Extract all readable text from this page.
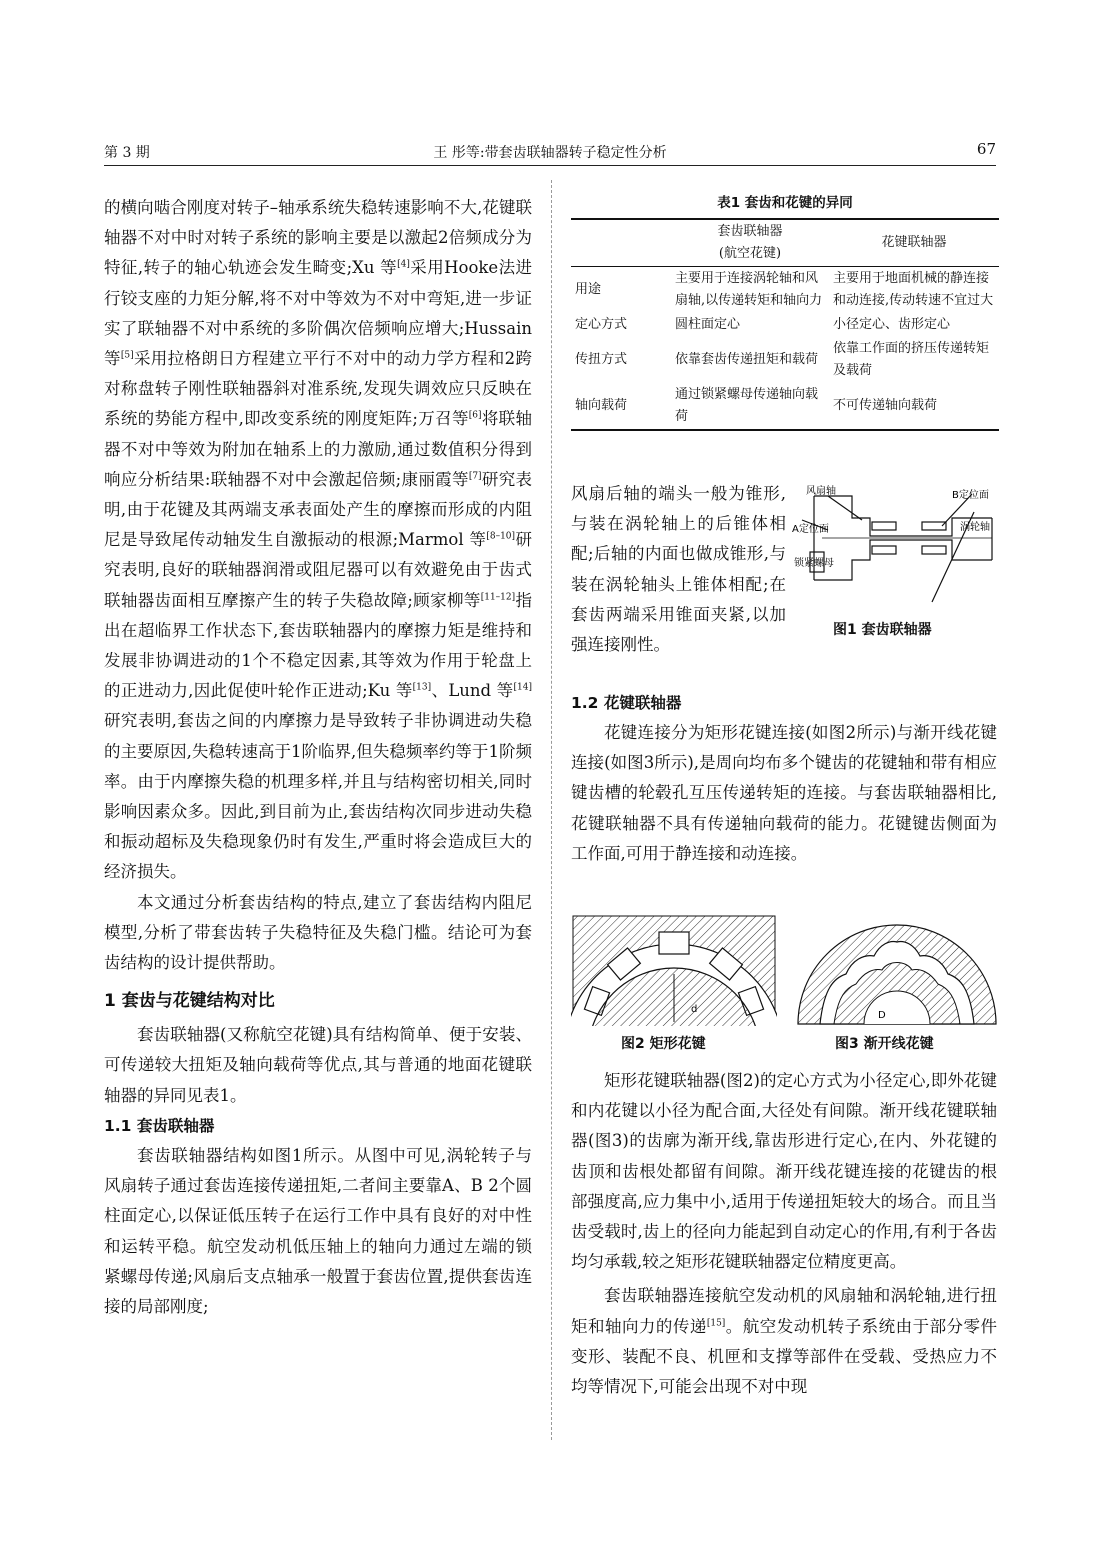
第 3 期	王 彤等:带套齿联轴器转子稳定性分析	67

的横向啮合刚度对转子–轴承系统失稳转速影响不大,花键联轴器不对中时对转子系统的影响主要是以激起2倍频成分为特征,转子的轴心轨迹会发生畸变;Xu 等[4]采用Hooke法进行铰支座的力矩分解,将不对中等效为不对中弯矩,进一步证实了联轴器不对中系统的多阶偶次倍频响应增大;Hussain 等[5]采用拉格朗日方程建立平行不对中的动力学方程和2跨对称盘转子刚性联轴器斜对准系统,发现失调效应只反映在系统的势能方程中,即改变系统的刚度矩阵;万召等[6]将联轴器不对中等效为附加在轴系上的力激励,通过数值积分得到响应分析结果:联轴器不对中会激起倍频;康丽霞等[7]研究表明,由于花键及其两端支承表面处产生的摩擦而形成的内阻尼是导致尾传动轴发生自激振动的根源;Marmol 等[8–10]研究表明,良好的联轴器润滑或阻尼器可以有效避免由于齿式联轴器齿面相互摩擦产生的转子失稳故障;顾家柳等[11–12]指出在超临界工作状态下,套齿联轴器内的摩擦力矩是维持和发展非协调进动的1个不稳定因素,其等效为作用于轮盘上的正进动力,因此促使叶轮作正进动;Ku 等[13]、Lund 等[14]研究表明,套齿之间的内摩擦力是导致转子非协调进动失稳的主要原因,失稳转速高于1阶临界,但失稳频率约等于1阶频率。由于内摩擦失稳的机理多样,并且与结构密切相关,同时影响因素众多。因此,到目前为止,套齿结构次同步进动失稳和振动超标及失稳现象仍时有发生,严重时将会造成巨大的经济损失。

本文通过分析套齿结构的特点,建立了套齿结构内阻尼模型,分析了带套齿转子失稳特征及失稳门槛。结论可为套齿结构的设计提供帮助。

1 套齿与花键结构对比

套齿联轴器(又称航空花键)具有结构简单、便于安装、可传递较大扭矩及轴向载荷等优点,其与普通的地面花键联轴器的异同见表1。

1.1 套齿联轴器

套齿联轴器结构如图1所示。从图中可见,涡轮转子与风扇转子通过套齿连接传递扭矩,二者间主要靠A、B 2个圆柱面定心,以保证低压转子在运行工作中具有良好的对中性和运转平稳。航空发动机低压轴上的轴向力通过左端的锁紧螺母传递;风扇后支点轴承一般置于套齿位置,提供套齿连接的局部刚度;

表1 套齿和花键的异同
	套齿联轴器
(航空花键)	花键联轴器
用途	主要用于连接涡轮轴和风扇轴,以传递转矩和轴向力	主要用于地面机械的静连接和动连接,传动转速不宜过大
定心方式	圆柱面定心	小径定心、齿形定心
传扭方式	依靠套齿传递扭矩和载荷	依靠工作面的挤压传递转矩及载荷
轴向载荷	通过锁紧螺母传递轴向载荷	不可传递轴向载荷

风扇后轴的端头一般为锥形,与装在涡轮轴上的后锥体相配;后轴的内面也做成锥形,与装在涡轮轴头上锥体相配;在套齿两端采用锥面夹紧,以加强连接刚性。

风扇轴	B定位面
A定位面	涡轮轴
锁紧螺母
图1 套齿联轴器
1.2 花键联轴器

花键连接分为矩形花键连接(如图2所示)与渐开线花键连接(如图3所示),是周向均布多个键齿的花键轴和带有相应键齿槽的轮毂孔互压传递转矩的连接。与套齿联轴器相比,花键联轴器不具有传递轴向载荷的能力。花键键齿侧面为工作面,可用于静连接和动连接。

d
图2 矩形花键
D
图3 渐开线花键

矩形花键联轴器(图2)的定心方式为小径定心,即外花键和内花键以小径为配合面,大径处有间隙。渐开线花键联轴器(图3)的齿廓为渐开线,靠齿形进行定心,在内、外花键的齿顶和齿根处都留有间隙。渐开线花键连接的花键齿的根部强度高,应力集中小,适用于传递扭矩较大的场合。而且当齿受载时,齿上的径向力能起到自动定心的作用,有利于各齿均匀承载,较之矩形花键联轴器定位精度更高。

套齿联轴器连接航空发动机的风扇轴和涡轮轴,进行扭矩和轴向力的传递[15]。航空发动机转子系统由于部分零件变形、装配不良、机匣和支撑等部件在受载、受热应力不均等情况下,可能会出现不对中现
